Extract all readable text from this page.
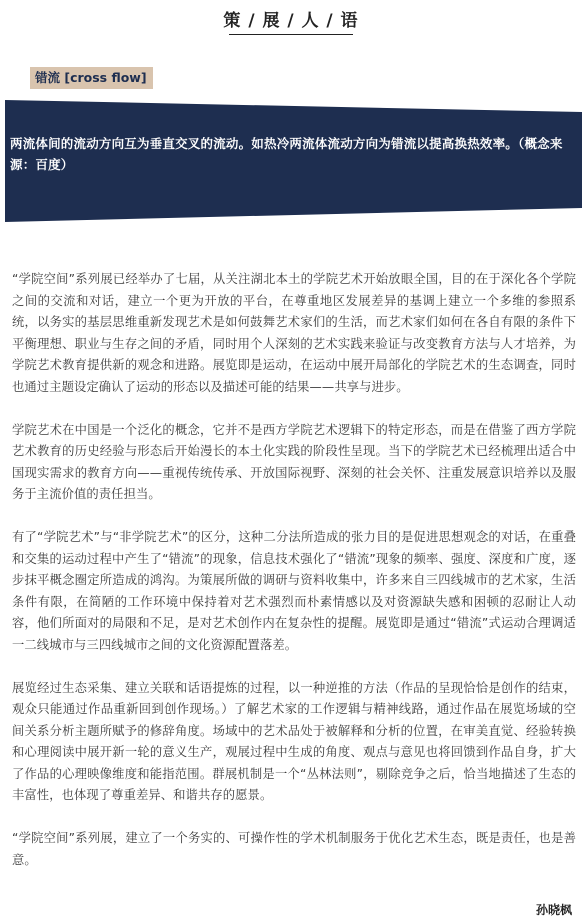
策 / 展 / 人 / 语
错流 [cross flow]
两流体间的流动方向互为垂直交叉的流动。如热冷两流体流动方向为错流以提高换热效率。（概念来源：百度）

“学院空间”系列展已经举办了七届，从关注湖北本土的学院艺术开始放眼全国，目的在于深化各个学院之间的交流和对话，建立一个更为开放的平台，在尊重地区发展差异的基调上建立一个多维的参照系统，以务实的基层思维重新发现艺术是如何鼓舞艺术家们的生活，而艺术家们如何在各自有限的条件下平衡理想、职业与生存之间的矛盾，同时用个人深刻的艺术实践来验证与改变教育方法与人才培养，为学院艺术教育提供新的观念和进路。展览即是运动，在运动中展开局部化的学院艺术的生态调查，同时也通过主题设定确认了运动的形态以及描述可能的结果——共享与进步。

学院艺术在中国是一个泛化的概念，它并不是西方学院艺术逻辑下的特定形态，而是在借鉴了西方学院艺术教育的历史经验与形态后开始漫长的本土化实践的阶段性呈现。当下的学院艺术已经梳理出适合中国现实需求的教育方向——重视传统传承、开放国际视野、深刻的社会关怀、注重发展意识培养以及服务于主流价值的责任担当。

有了“学院艺术”与“非学院艺术”的区分，这种二分法所造成的张力目的是促进思想观念的对话，在重叠和交集的运动过程中产生了“错流”的现象，信息技术强化了“错流”现象的频率、强度、深度和广度，逐步抹平概念圈定所造成的鸿沟。为策展所做的调研与资料收集中，许多来自三四线城市的艺术家，生活条件有限，在简陋的工作环境中保持着对艺术强烈而朴素情感以及对资源缺失感和困顿的忍耐让人动容，他们所面对的局限和不足，是对艺术创作内在复杂性的提醒。展览即是通过“错流”式运动合理调适一二线城市与三四线城市之间的文化资源配置落差。

展览经过生态采集、建立关联和话语提炼的过程，以一种逆推的方法（作品的呈现恰恰是创作的结束，观众只能通过作品重新回到创作现场。）了解艺术家的工作逻辑与精神线路，通过作品在展览场域的空间关系分析主题所赋予的修辞角度。场域中的艺术品处于被解释和分析的位置，在审美直觉、经验转换和心理阅读中展开新一轮的意义生产，观展过程中生成的角度、观点与意见也将回馈到作品自身，扩大了作品的心理映像维度和能指范围。群展机制是一个“丛林法则”，剔除竞争之后，恰当地描述了生态的丰富性，也体现了尊重差异、和谐共存的愿景。

“学院空间”系列展，建立了一个务实的、可操作性的学术机制服务于优化艺术生态，既是责任，也是善意。

孙晓枫
